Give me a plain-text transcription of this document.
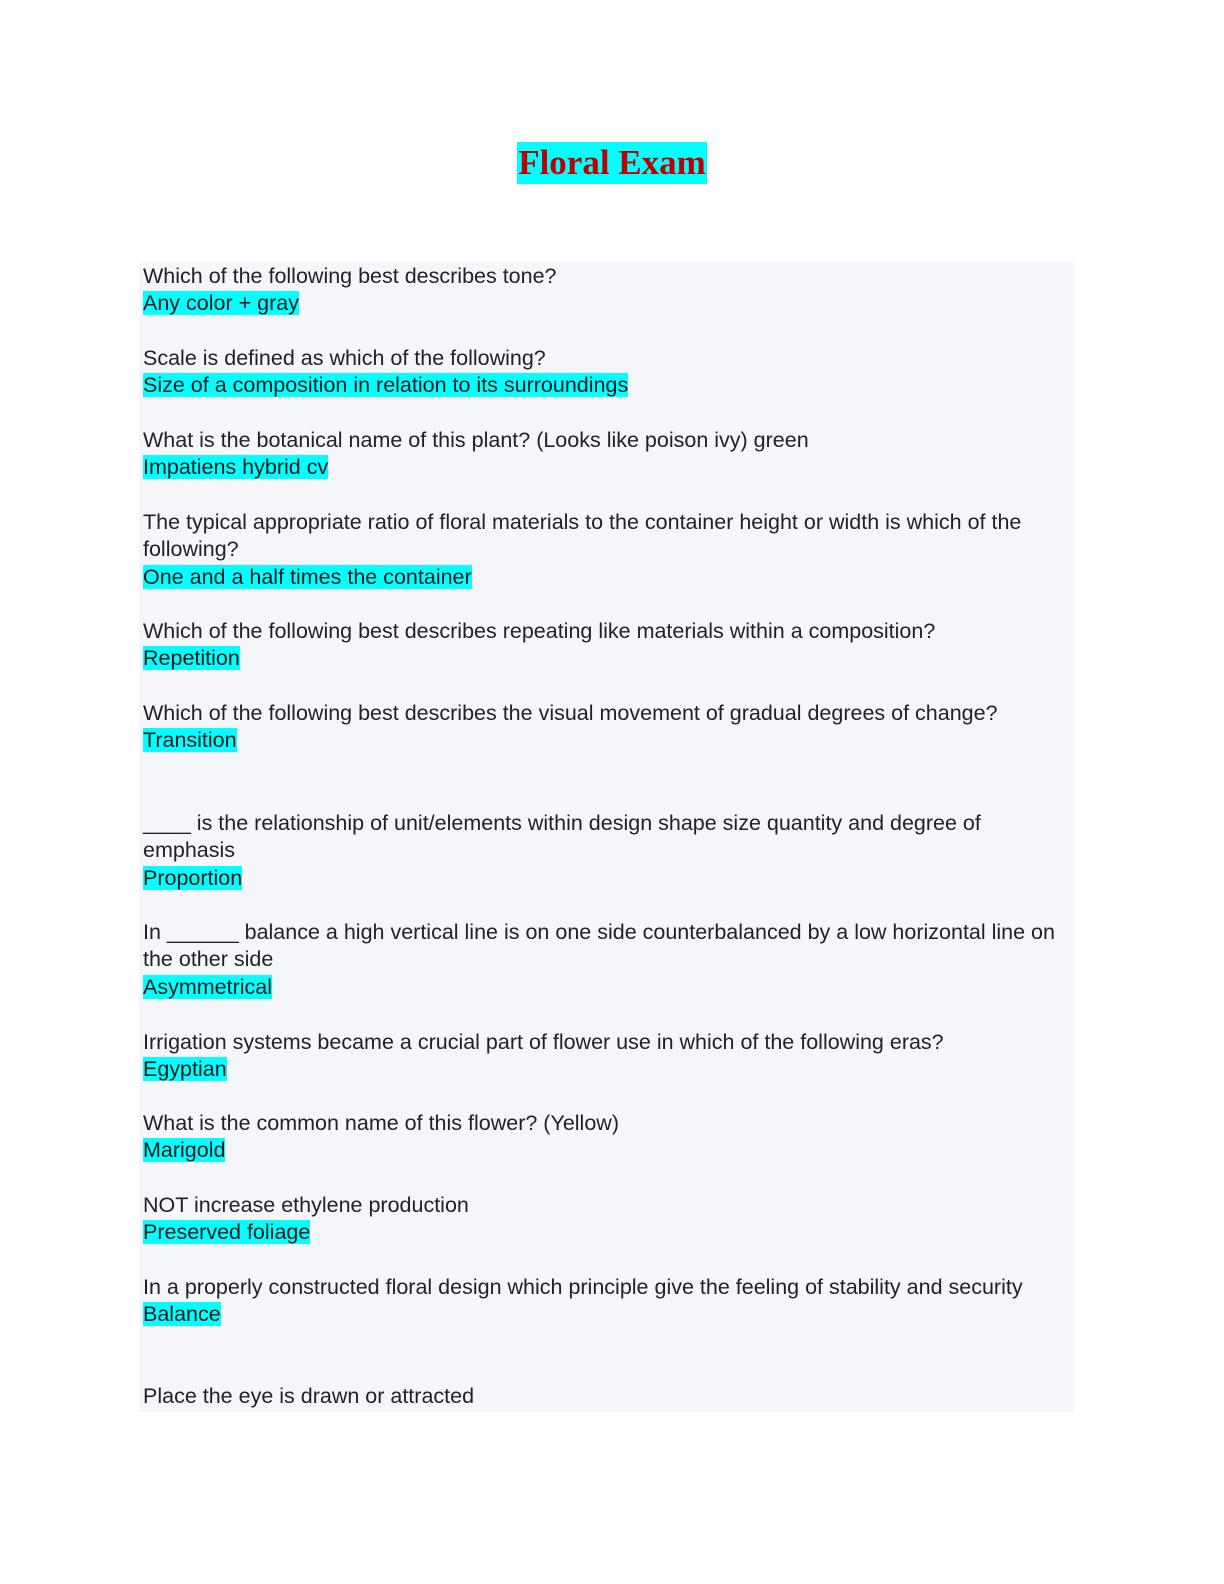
Floral Exam
Which of the following best describes tone?
Any color + gray
Scale is defined as which of the following?
Size of a composition in relation to its surroundings
What is the botanical name of this plant? (Looks like poison ivy) green
Impatiens hybrid cv
The typical appropriate ratio of floral materials to the container height or width is which of the following?
One and a half times the container
Which of the following best describes repeating like materials within a composition?
Repetition
Which of the following best describes the visual movement of gradual degrees of change?
Transition
____ is the relationship of unit/elements within design shape size quantity and degree of emphasis
Proportion
In ______ balance a high vertical line is on one side counterbalanced by a low horizontal line on the other side
Asymmetrical
Irrigation systems became a crucial part of flower use in which of the following eras?
Egyptian
What is the common name of this flower? (Yellow)
Marigold
NOT increase ethylene production
Preserved foliage
In a properly constructed floral design which principle give the feeling of stability and security
Balance
Place the eye is drawn or attracted
